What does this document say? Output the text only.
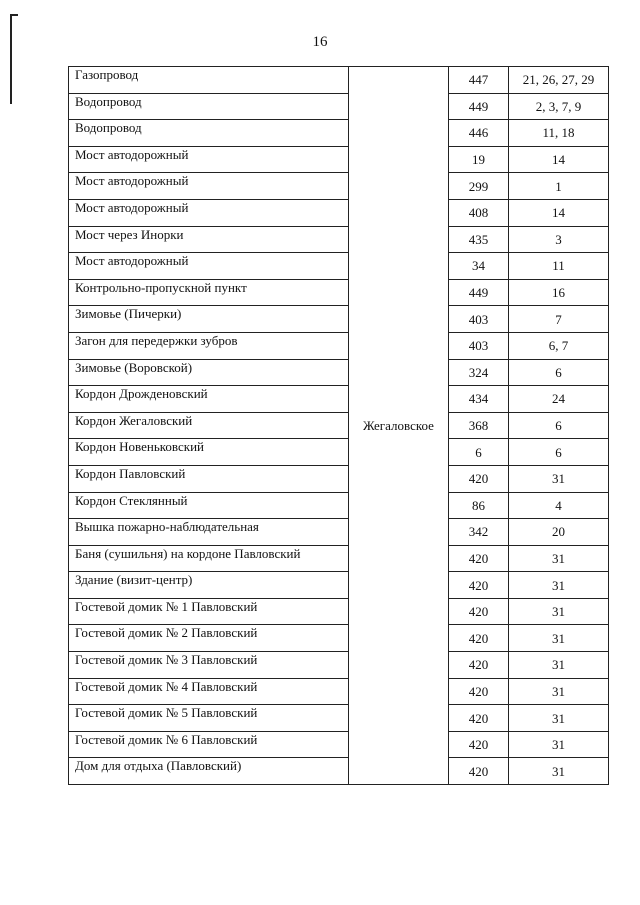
16
Газопровод	Жегаловское	447	21, 26, 27, 29
Водопровод		449	2, 3, 7, 9
Водопровод		446	11, 18
Мост автодорожный		19	14
Мост автодорожный		299	1
Мост автодорожный		408	14
Мост через Инорки		435	3
Мост автодорожный		34	11
Контрольно-пропускной пункт		449	16
Зимовье (Пичерки)		403	7
Загон для передержки зубров		403	6, 7
Зимовье (Воровской)		324	6
Кордон Дрожденовский		434	24
Кордон Жегаловский		368	6
Кордон Новеньковский		6	6
Кордон Павловский		420	31
Кордон Стеклянный		86	4
Вышка пожарно-наблюдательная		342	20
Баня (сушильня) на кордоне Павловский		420	31
Здание (визит-центр)		420	31
Гостевой домик № 1 Павловский		420	31
Гостевой домик № 2 Павловский		420	31
Гостевой домик № 3 Павловский		420	31
Гостевой домик № 4 Павловский		420	31
Гостевой домик № 5 Павловский		420	31
Гостевой домик № 6 Павловский		420	31
Дом для отдыха (Павловский)		420	31
